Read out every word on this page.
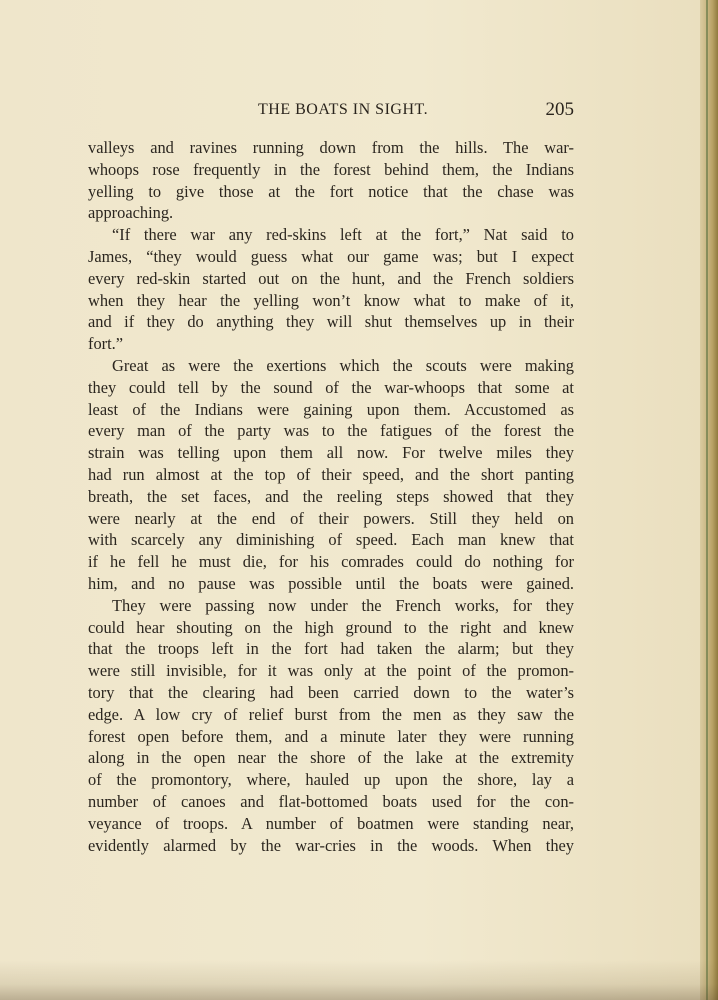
THE BOATS IN SIGHT.	205
valleys and ravines running down from the hills. The war-
whoops rose frequently in the forest behind them, the Indians
yelling to give those at the fort notice that the chase was
approaching.
“If there war any red-skins left at the fort,” Nat said to
James, “they would guess what our game was; but I expect
every red-skin started out on the hunt, and the French soldiers
when they hear the yelling won’t know what to make of it,
and if they do anything they will shut themselves up in their
fort.”
Great as were the exertions which the scouts were making
they could tell by the sound of the war-whoops that some at
least of the Indians were gaining upon them. Accustomed as
every man of the party was to the fatigues of the forest the
strain was telling upon them all now. For twelve miles they
had run almost at the top of their speed, and the short panting
breath, the set faces, and the reeling steps showed that they
were nearly at the end of their powers. Still they held on
with scarcely any diminishing of speed. Each man knew that
if he fell he must die, for his comrades could do nothing for
him, and no pause was possible until the boats were gained.
They were passing now under the French works, for they
could hear shouting on the high ground to the right and knew
that the troops left in the fort had taken the alarm; but they
were still invisible, for it was only at the point of the promon-
tory that the clearing had been carried down to the water’s
edge. A low cry of relief burst from the men as they saw the
forest open before them, and a minute later they were running
along in the open near the shore of the lake at the extremity
of the promontory, where, hauled up upon the shore, lay a
number of canoes and flat-bottomed boats used for the con-
veyance of troops. A number of boatmen were standing near,
evidently alarmed by the war-cries in the woods. When they
